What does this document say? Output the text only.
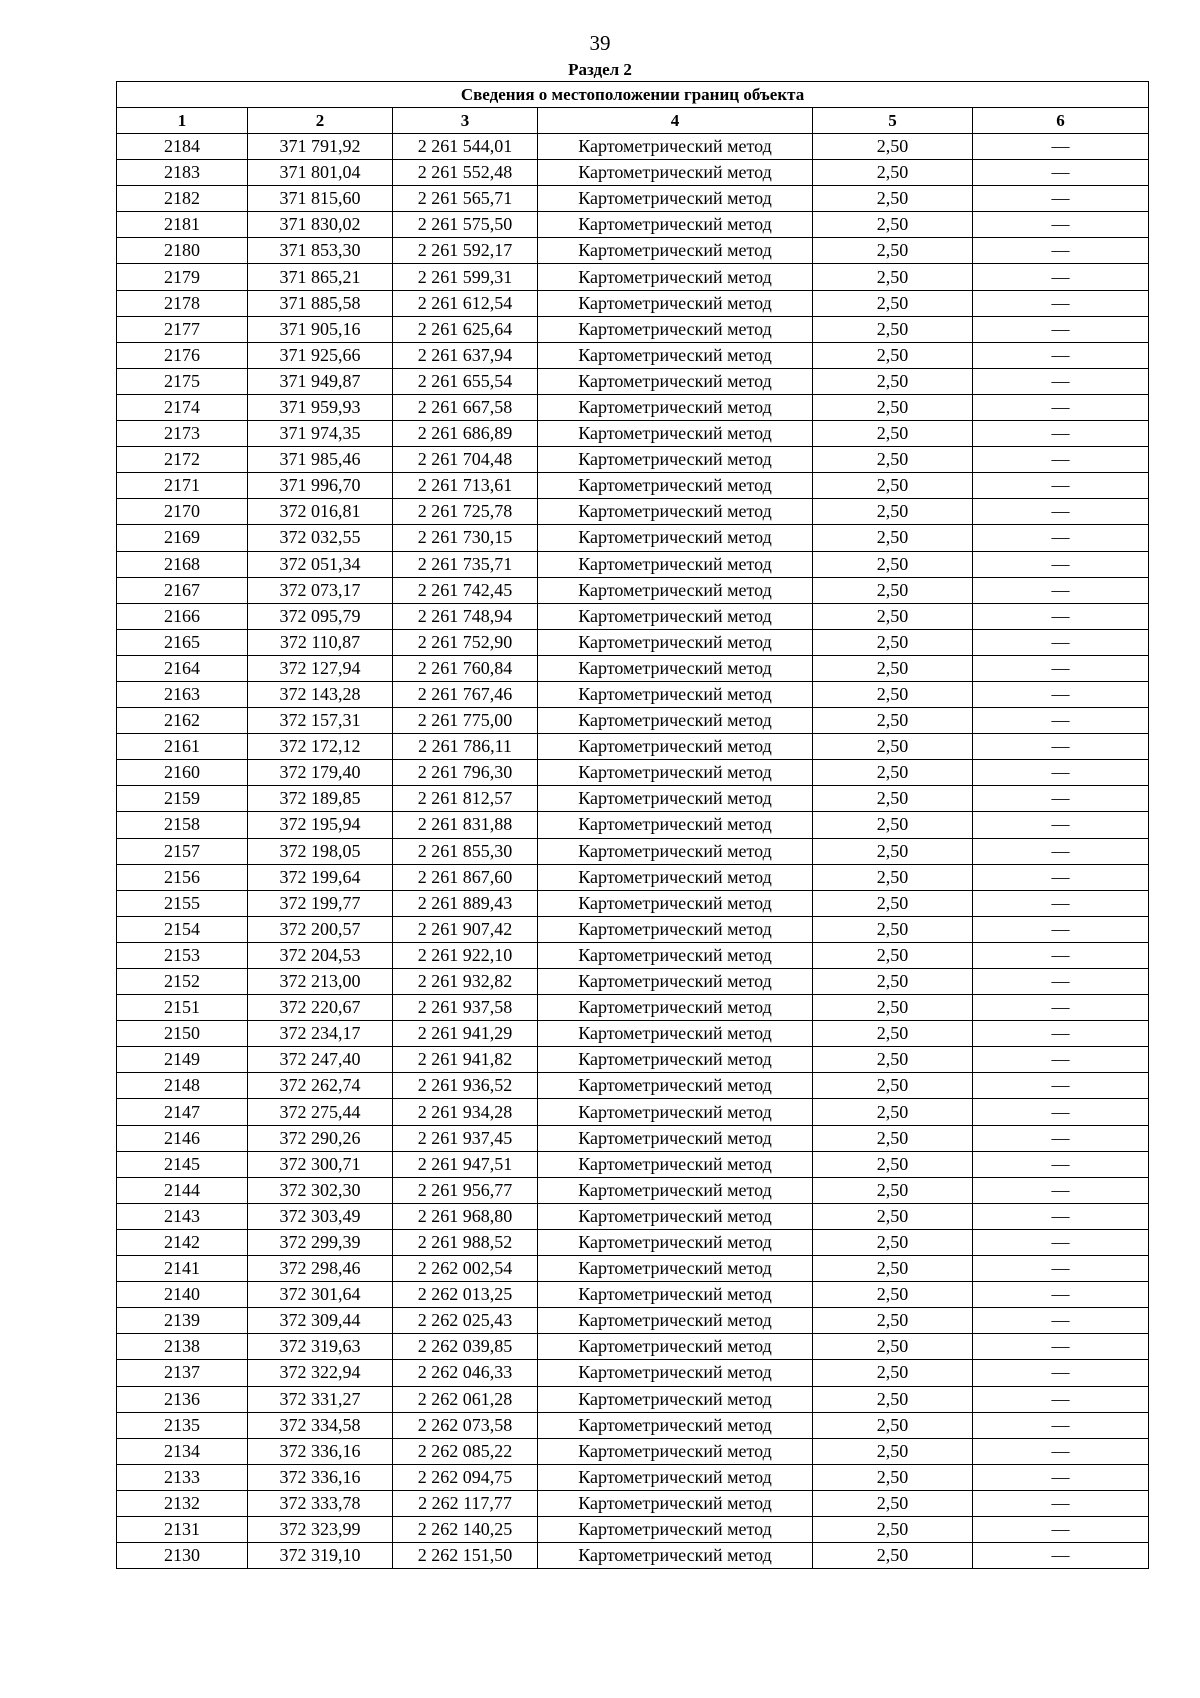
39
Раздел 2
Сведения о местоположении границ объекта					
1	2	3	4	5	6
2184	371 791,92	2 261 544,01	Картометрический метод	2,50	—
2183	371 801,04	2 261 552,48	Картометрический метод	2,50	—
2182	371 815,60	2 261 565,71	Картометрический метод	2,50	—
2181	371 830,02	2 261 575,50	Картометрический метод	2,50	—
2180	371 853,30	2 261 592,17	Картометрический метод	2,50	—
2179	371 865,21	2 261 599,31	Картометрический метод	2,50	—
2178	371 885,58	2 261 612,54	Картометрический метод	2,50	—
2177	371 905,16	2 261 625,64	Картометрический метод	2,50	—
2176	371 925,66	2 261 637,94	Картометрический метод	2,50	—
2175	371 949,87	2 261 655,54	Картометрический метод	2,50	—
2174	371 959,93	2 261 667,58	Картометрический метод	2,50	—
2173	371 974,35	2 261 686,89	Картометрический метод	2,50	—
2172	371 985,46	2 261 704,48	Картометрический метод	2,50	—
2171	371 996,70	2 261 713,61	Картометрический метод	2,50	—
2170	372 016,81	2 261 725,78	Картометрический метод	2,50	—
2169	372 032,55	2 261 730,15	Картометрический метод	2,50	—
2168	372 051,34	2 261 735,71	Картометрический метод	2,50	—
2167	372 073,17	2 261 742,45	Картометрический метод	2,50	—
2166	372 095,79	2 261 748,94	Картометрический метод	2,50	—
2165	372 110,87	2 261 752,90	Картометрический метод	2,50	—
2164	372 127,94	2 261 760,84	Картометрический метод	2,50	—
2163	372 143,28	2 261 767,46	Картометрический метод	2,50	—
2162	372 157,31	2 261 775,00	Картометрический метод	2,50	—
2161	372 172,12	2 261 786,11	Картометрический метод	2,50	—
2160	372 179,40	2 261 796,30	Картометрический метод	2,50	—
2159	372 189,85	2 261 812,57	Картометрический метод	2,50	—
2158	372 195,94	2 261 831,88	Картометрический метод	2,50	—
2157	372 198,05	2 261 855,30	Картометрический метод	2,50	—
2156	372 199,64	2 261 867,60	Картометрический метод	2,50	—
2155	372 199,77	2 261 889,43	Картометрический метод	2,50	—
2154	372 200,57	2 261 907,42	Картометрический метод	2,50	—
2153	372 204,53	2 261 922,10	Картометрический метод	2,50	—
2152	372 213,00	2 261 932,82	Картометрический метод	2,50	—
2151	372 220,67	2 261 937,58	Картометрический метод	2,50	—
2150	372 234,17	2 261 941,29	Картометрический метод	2,50	—
2149	372 247,40	2 261 941,82	Картометрический метод	2,50	—
2148	372 262,74	2 261 936,52	Картометрический метод	2,50	—
2147	372 275,44	2 261 934,28	Картометрический метод	2,50	—
2146	372 290,26	2 261 937,45	Картометрический метод	2,50	—
2145	372 300,71	2 261 947,51	Картометрический метод	2,50	—
2144	372 302,30	2 261 956,77	Картометрический метод	2,50	—
2143	372 303,49	2 261 968,80	Картометрический метод	2,50	—
2142	372 299,39	2 261 988,52	Картометрический метод	2,50	—
2141	372 298,46	2 262 002,54	Картометрический метод	2,50	—
2140	372 301,64	2 262 013,25	Картометрический метод	2,50	—
2139	372 309,44	2 262 025,43	Картометрический метод	2,50	—
2138	372 319,63	2 262 039,85	Картометрический метод	2,50	—
2137	372 322,94	2 262 046,33	Картометрический метод	2,50	—
2136	372 331,27	2 262 061,28	Картометрический метод	2,50	—
2135	372 334,58	2 262 073,58	Картометрический метод	2,50	—
2134	372 336,16	2 262 085,22	Картометрический метод	2,50	—
2133	372 336,16	2 262 094,75	Картометрический метод	2,50	—
2132	372 333,78	2 262 117,77	Картометрический метод	2,50	—
2131	372 323,99	2 262 140,25	Картометрический метод	2,50	—
2130	372 319,10	2 262 151,50	Картометрический метод	2,50	—
